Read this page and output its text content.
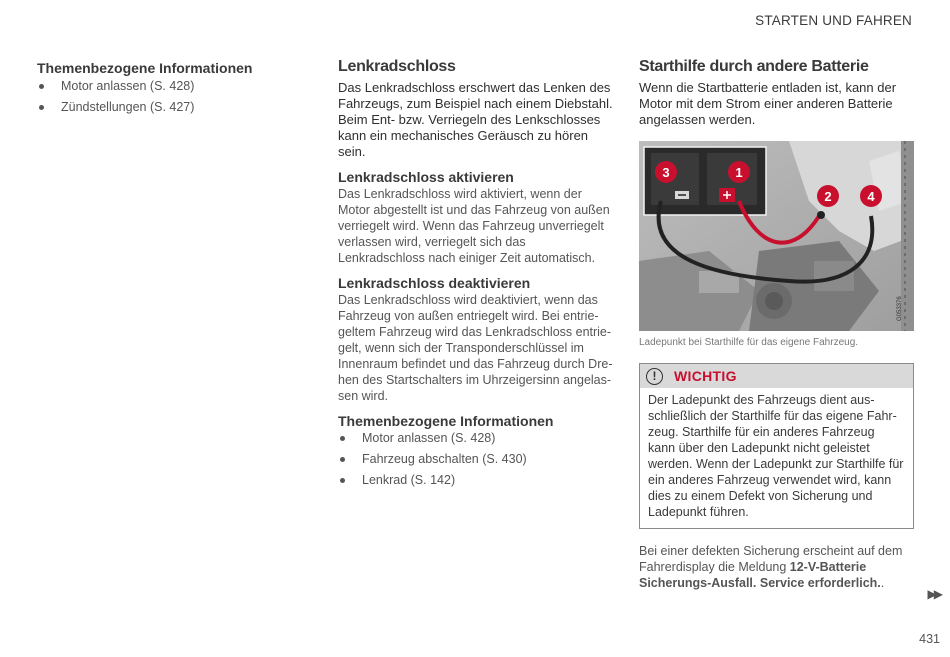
STARTEN UND FAHREN
Themenbezogene Informationen
Motor anlassen (S. 428)
Zündstellungen (S. 427)
Lenkradschloss

Das Lenkradschloss erschwert das Lenken des Fahrzeugs, zum Beispiel nach einem Diebstahl. Beim Ent- bzw. Verriegeln des Lenkschlosses kann ein mechanisches Geräusch zu hören sein.

Lenkradschloss aktivieren

Das Lenkradschloss wird aktiviert, wenn der Motor abgestellt ist und das Fahrzeug von außen verriegelt wird. Wenn das Fahrzeug unverriegelt verlassen wird, verriegelt sich das Lenkradschloss nach einiger Zeit automatisch.

Lenkradschloss deaktivieren

Das Lenkradschloss wird deaktiviert, wenn das Fahrzeug von außen entriegelt wird. Bei entriegeltem Fahrzeug wird das Lenkradschloss entriegelt, wenn sich der Transponderschlüssel im Innenraum befindet und das Fahrzeug durch Drehen des Startschalters im Uhrzeigersinn angelassen wird.

Themenbezogene Informationen
Motor anlassen (S. 428)
Fahrzeug abschalten (S. 430)
Lenkrad (S. 142)
Starthilfe durch andere Batterie

Wenn die Startbatterie entladen ist, kann der Motor mit dem Strom einer anderen Batterie angelassen werden.

3	1
2	4
G053376
Ladepunkt bei Starthilfe für das eigene Fahrzeug.
!	WICHTIG
Der Ladepunkt des Fahrzeugs dient ausschließlich der Starthilfe für das eigene Fahrzeug. Starthilfe für ein anderes Fahrzeug kann über den Ladepunkt nicht geleistet werden. Wenn der Ladepunkt zur Starthilfe für ein anderes Fahrzeug verwendet wird, kann dies zu einem Defekt von Sicherung und Ladepunkt führen.
Bei einer defekten Sicherung erscheint auf dem Fahrerdisplay die Meldung 12-V-Batterie Sicherungs-Ausfall. Service erforderlich..
▶▶
431
